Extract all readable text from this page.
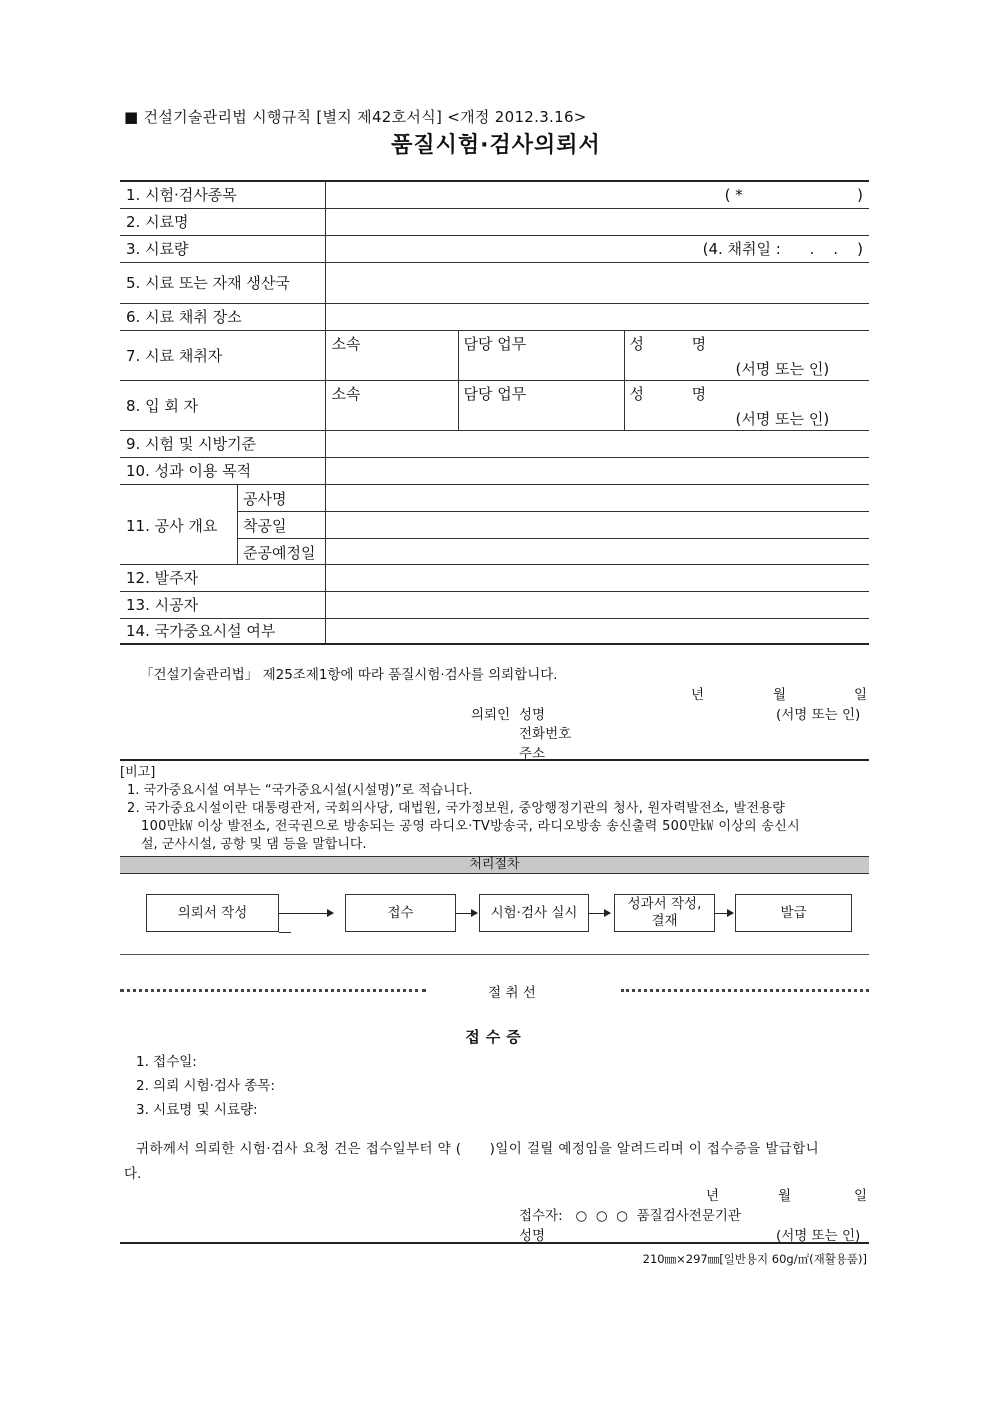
■ 건설기술관리법 시행규칙 [별지 제42호서식] <개정 2012.3.16>
품질시험·검사의뢰서
1. 시험·검사종목	( *                        )

2. 시료명	
3. 시료량	(4. 채취일 :      .    .    )

5. 시료 또는 자재 생산국	
6. 시료 채취 장소	
7. 시료 채취자	소속 담당 업무 성          명
(서명 또는 인)

8. 입 회 자	소속 담당 업무 성          명
(서명 또는 인)

9. 시험 및 시방기준	
10. 성과 이용 목적	

11. 공사 개요
공사명
착공일
준공예정일	

12. 발주자	
13. 시공자	
14. 국가중요시설 여부	
「건설기술관리법」 제25조제1항에 따라 품질시험·검사를 의뢰합니다.
년	월	일
의뢰인 성명	(서명 또는 인)
전화번호
주소
[비고]
1. 국가중요시설 여부는 “국가중요시설(시설명)”로 적습니다.
2. 국가중요시설이란 대통령관저, 국회의사당, 대법원, 국가정보원, 중앙행정기관의 청사, 원자력발전소, 발전용량
100만㎾ 이상 발전소, 전국권으로 방송되는 공영 라디오·TV방송국, 라디오방송 송신출력 500만㎾ 이상의 송신시
설, 군사시설, 공항 및 댐 등을 말합니다.
처리절차
의뢰서 작성	접수	시험·검사 실시
성과서 작성,
결재
발급
절 취 선
접수증
1. 접수일:
2. 의뢰 시험·검사 종목:
3. 시료명 및 시료량:
귀하께서 의뢰한 시험·검사 요청 건은 접수일부터 약 (      )일이 걸릴 예정임을 알려드리며 이 접수증을 발급합니
다.
년	월	일
접수자:   ○  ○  ○  품질검사전문기관
성명	(서명 또는 인)
210㎜×297㎜[일반용지 60g/㎡(재활용품)]
